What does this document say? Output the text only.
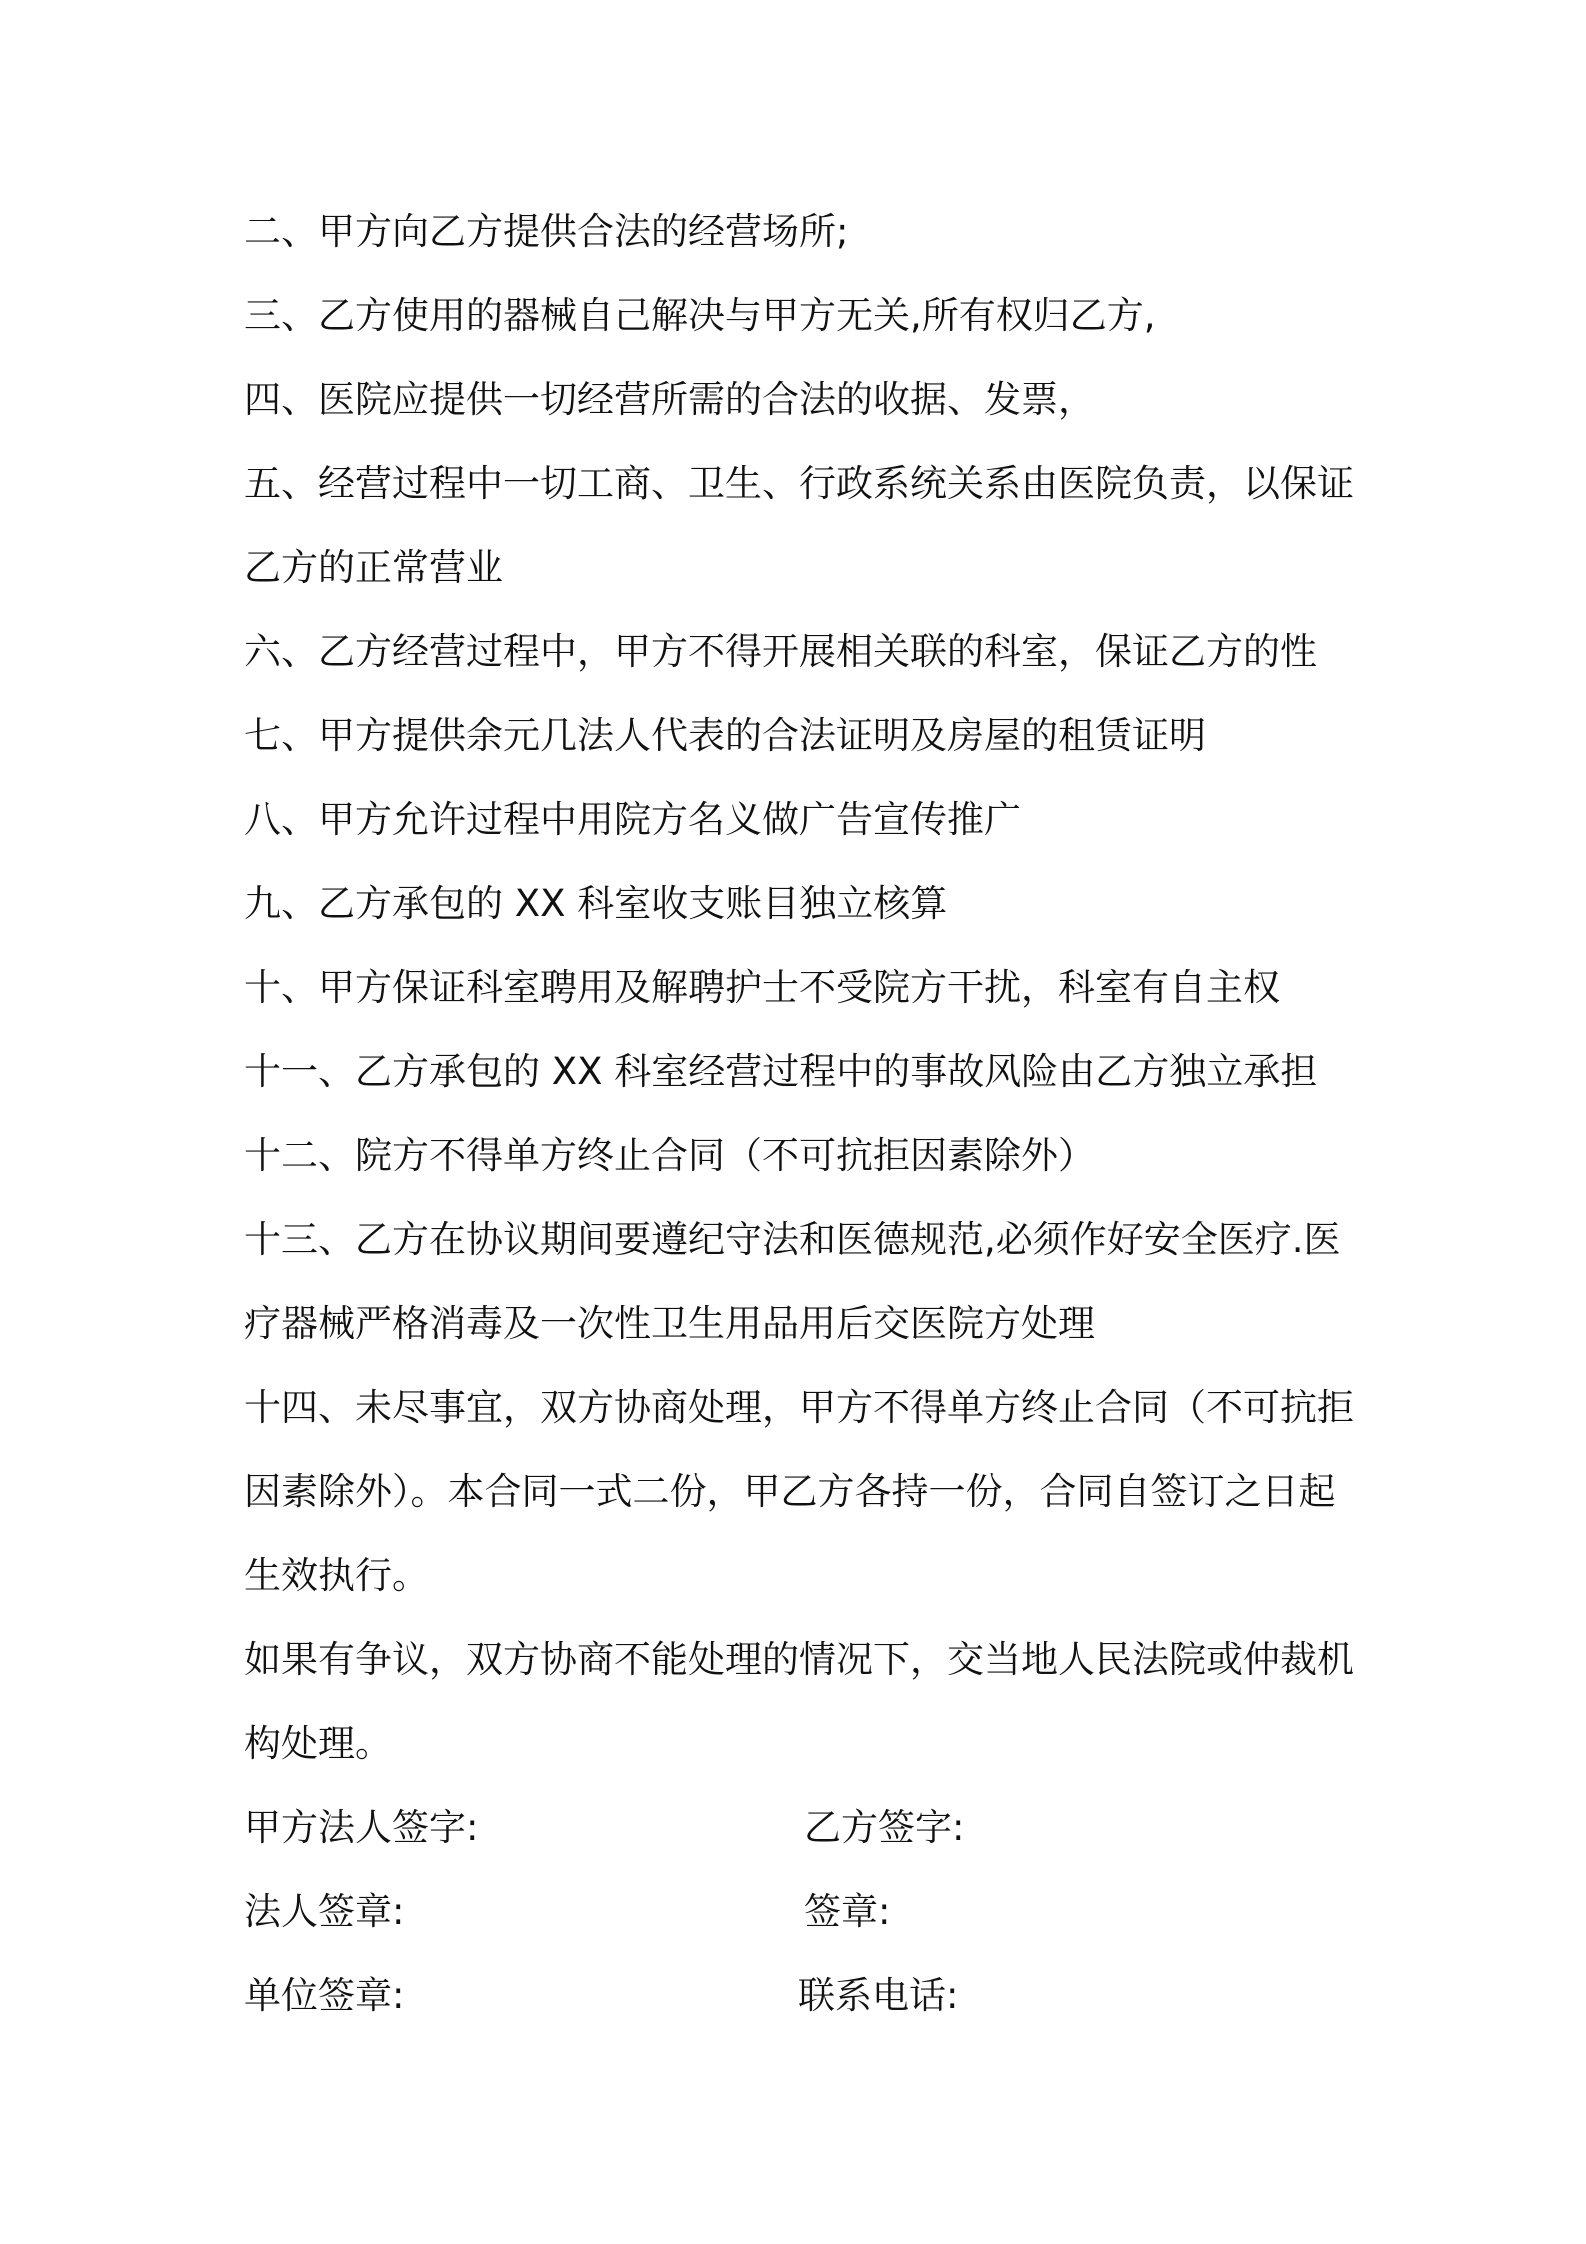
二、甲方向乙方提供合法的经营场所;

三、乙方使用的器械自己解决与甲方无关,所有权归乙方,

四、医院应提供一切经营所需的合法的收据、发票，

五、经营过程中一切工商、卫生、行政系统关系由医院负责，以保证乙方的正常营业

六、乙方经营过程中，甲方不得开展相关联的科室，保证乙方的性

七、甲方提供余元几法人代表的合法证明及房屋的租赁证明

八、甲方允许过程中用院方名义做广告宣传推广

九、乙方承包的 XX 科室收支账目独立核算

十、甲方保证科室聘用及解聘护士不受院方干扰，科室有自主权

十一、乙方承包的 XX 科室经营过程中的事故风险由乙方独立承担

十二、院方不得单方终止合同（不可抗拒因素除外）

十三、乙方在协议期间要遵纪守法和医德规范,必须作好安全医疗.医疗器械严格消毒及一次性卫生用品用后交医院方处理

十四、未尽事宜，双方协商处理，甲方不得单方终止合同（不可抗拒因素除外）。本合同一式二份，甲乙方各持一份，合同自签订之日起生效执行。

如果有争议，双方协商不能处理的情况下，交当地人民法院或仲裁机构处理。

甲方法人签字:	乙方签字:
法人签章:	签章:
单位签章:	联系电话:
